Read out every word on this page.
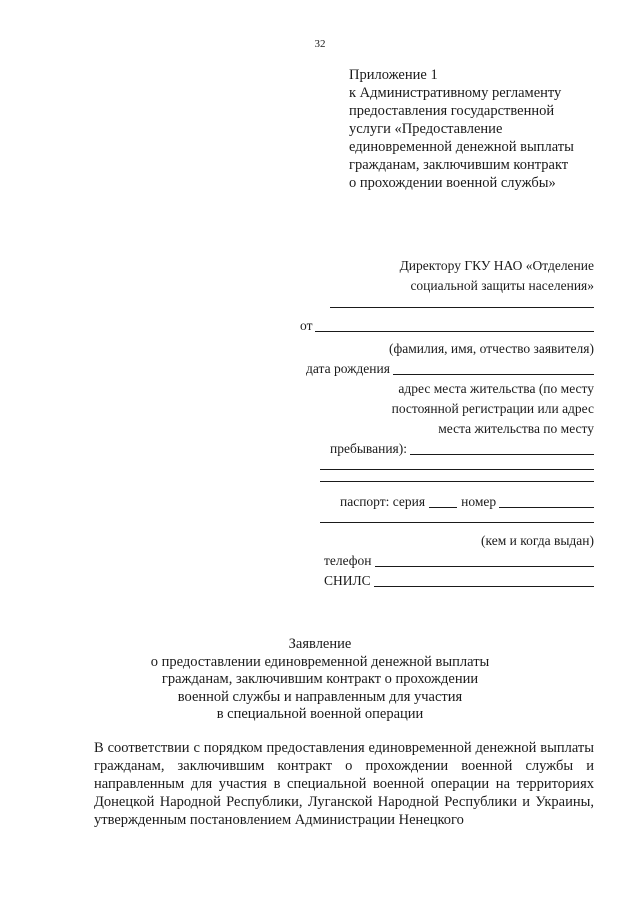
32
Приложение 1
к Административному регламенту
предоставления государственной
услуги «Предоставление
единовременной денежной выплаты
гражданам, заключившим контракт
о прохождении военной службы»
Директору ГКУ НАО «Отделение
социальной защиты населения»
от
(фамилия, имя, отчество заявителя)
дата рождения
адрес места жительства (по месту
постоянной регистрации или адрес
места жительства по месту
пребывания):
паспорт: серия	номер
(кем и когда выдан)
телефон
СНИЛС
Заявление
о предоставлении единовременной денежной выплаты
гражданам, заключившим контракт о прохождении
военной службы и направленным для участия
в специальной военной операции

В соответствии с порядком предоставления единовременной денежной выплаты гражданам, заключившим контракт о прохождении военной службы и направленным для участия в специальной военной операции на территориях Донецкой Народной Республики, Луганской Народной Республики и Украины, утвержденным постановлением Администрации Ненецкого
